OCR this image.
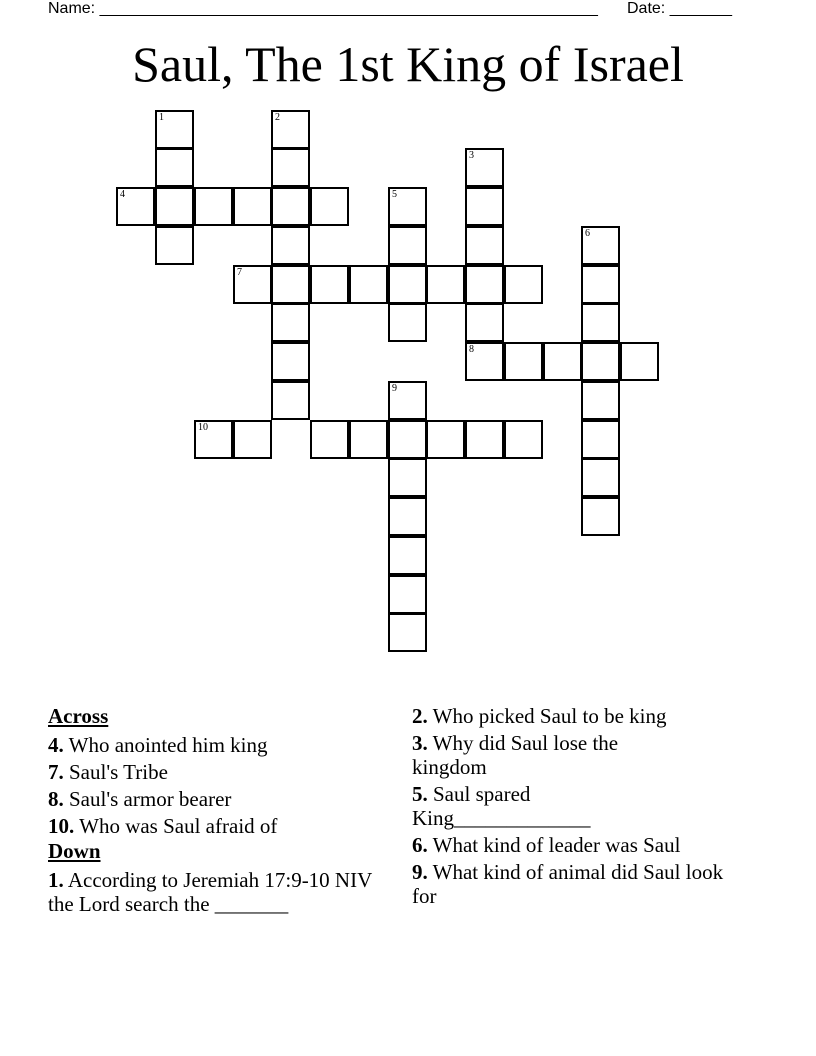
Name: ________________________________________________________ Date: _______
Saul, The 1st King of Israel
1	2
3
4	5
6
7
8
9
10
Across
4. Who anointed him king
7. Saul's Tribe
8. Saul's armor bearer
10. Who was Saul afraid of
Down
1. According to Jeremiah 17:9-10 NIV the Lord search the _______
2. Who picked Saul to be king
3. Why did Saul lose the kingdom
5. Saul spared King_____________
6. What kind of leader was Saul
9. What kind of animal did Saul look for
